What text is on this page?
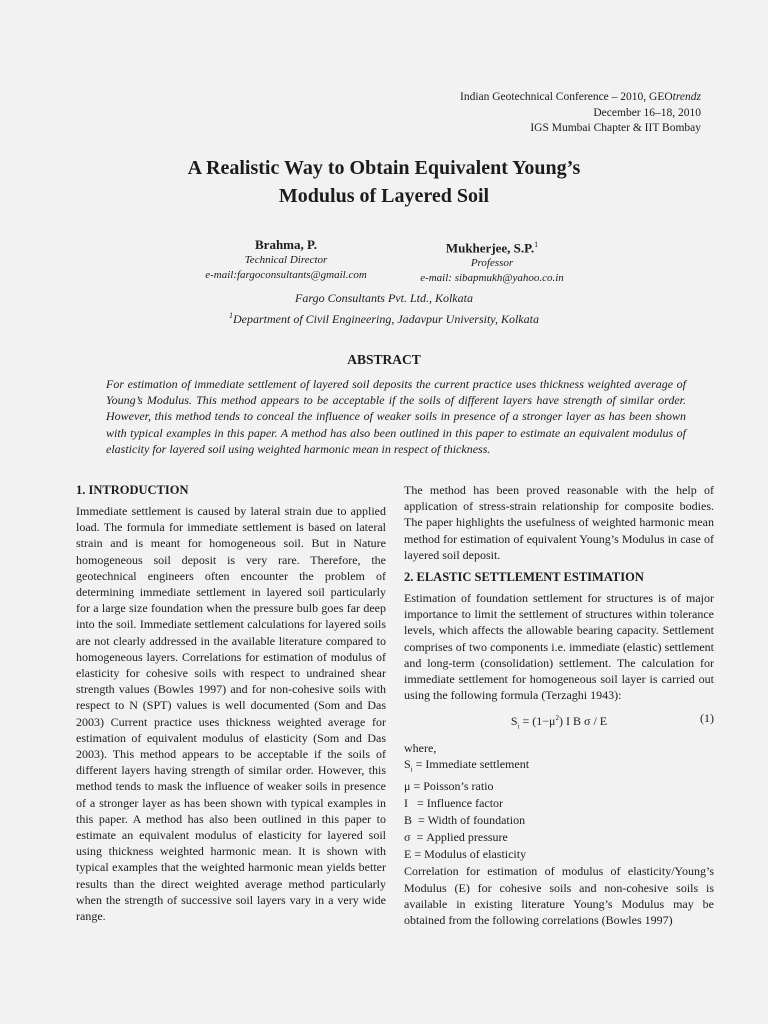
Indian Geotechnical Conference – 2010, GEOtrendz
December 16–18, 2010
IGS Mumbai Chapter & IIT Bombay
A Realistic Way to Obtain Equivalent Young’s
Modulus of Layered Soil
Brahma, P.
Technical Director
e-mail:fargoconsultants@gmail.com
Mukherjee, S.P.$^1$
Professor
e-mail: sibapmukh@yahoo.co.in
Fargo Consultants Pvt. Ltd., Kolkata
$^1$Department of Civil Engineering, Jadavpur University, Kolkata
ABSTRACT

For estimation of immediate settlement of layered soil deposits the current practice uses thickness weighted average of Young’s Modulus. This method appears to be acceptable if the soils of different layers have strength of similar order. However, this method tends to conceal the influence of weaker soils in presence of a stronger layer as has been shown with typical examples in this paper. A method has also been outlined in this paper to estimate an equivalent modulus of elasticity for layered soil using weighted harmonic mean in respect of thickness.

1. INTRODUCTION

Immediate settlement is caused by lateral strain due to applied load. The formula for immediate settlement is based on lateral strain and is meant for homogeneous soil. But in Nature homogeneous soil deposit is very rare. Therefore, the geotechnical engineers often encounter the problem of determining immediate settlement in layered soil particularly for a large size foundation when the pressure bulb goes far deep into the soil. Immediate settlement calculations for layered soils are not clearly addressed in the available literature compared to homogeneous layers. Correlations for estimation of modulus of elasticity for cohesive soils with respect to undrained shear strength values (Bowles 1997) and for non-cohesive soils with respect to N (SPT) values is well documented (Som and Das 2003) Current practice uses thickness weighted average for estimation of equivalent modulus of elasticity (Som and Das 2003). This method appears to be acceptable if the soils of different layers having strength of similar order. However, this method tends to mask the influence of weaker soils in presence of a stronger layer as has been shown with typical examples in this paper. A method has also been outlined in this paper to estimate an equivalent modulus of elasticity for layered soil using thickness weighted harmonic mean. It is shown with typical examples that the weighted harmonic mean yields better results than the direct weighted average method particularly when the strength of successive soil layers vary in a very wide range.

The method has been proved reasonable with the help of application of stress-strain relationship for composite bodies. The paper highlights the usefulness of weighted harmonic mean method for estimation of equivalent Young’s Modulus in case of layered soil deposit.

2. ELASTIC SETTLEMENT ESTIMATION

Estimation of foundation settlement for structures is of major importance to limit the settlement of structures within tolerance levels, which affects the allowable bearing capacity. Settlement comprises of two components i.e. immediate (elastic) settlement and long-term (consolidation) settlement. The calculation for immediate settlement for homogeneous soil layer is carried out using the following formula (Terzaghi 1943):

$S_i = (1-\mu^2)$ I B σ / E	(1)
where,
$S_i$ = Immediate settlement
μ = Poisson’s ratio
I   = Influence factor
B  = Width of foundation
σ  = Applied pressure
E = Modulus of elasticity

Correlation for estimation of modulus of elasticity/Young’s Modulus (E) for cohesive soils and non-cohesive soils is available in existing literature Young’s Modulus may be obtained from the following correlations (Bowles 1997)
